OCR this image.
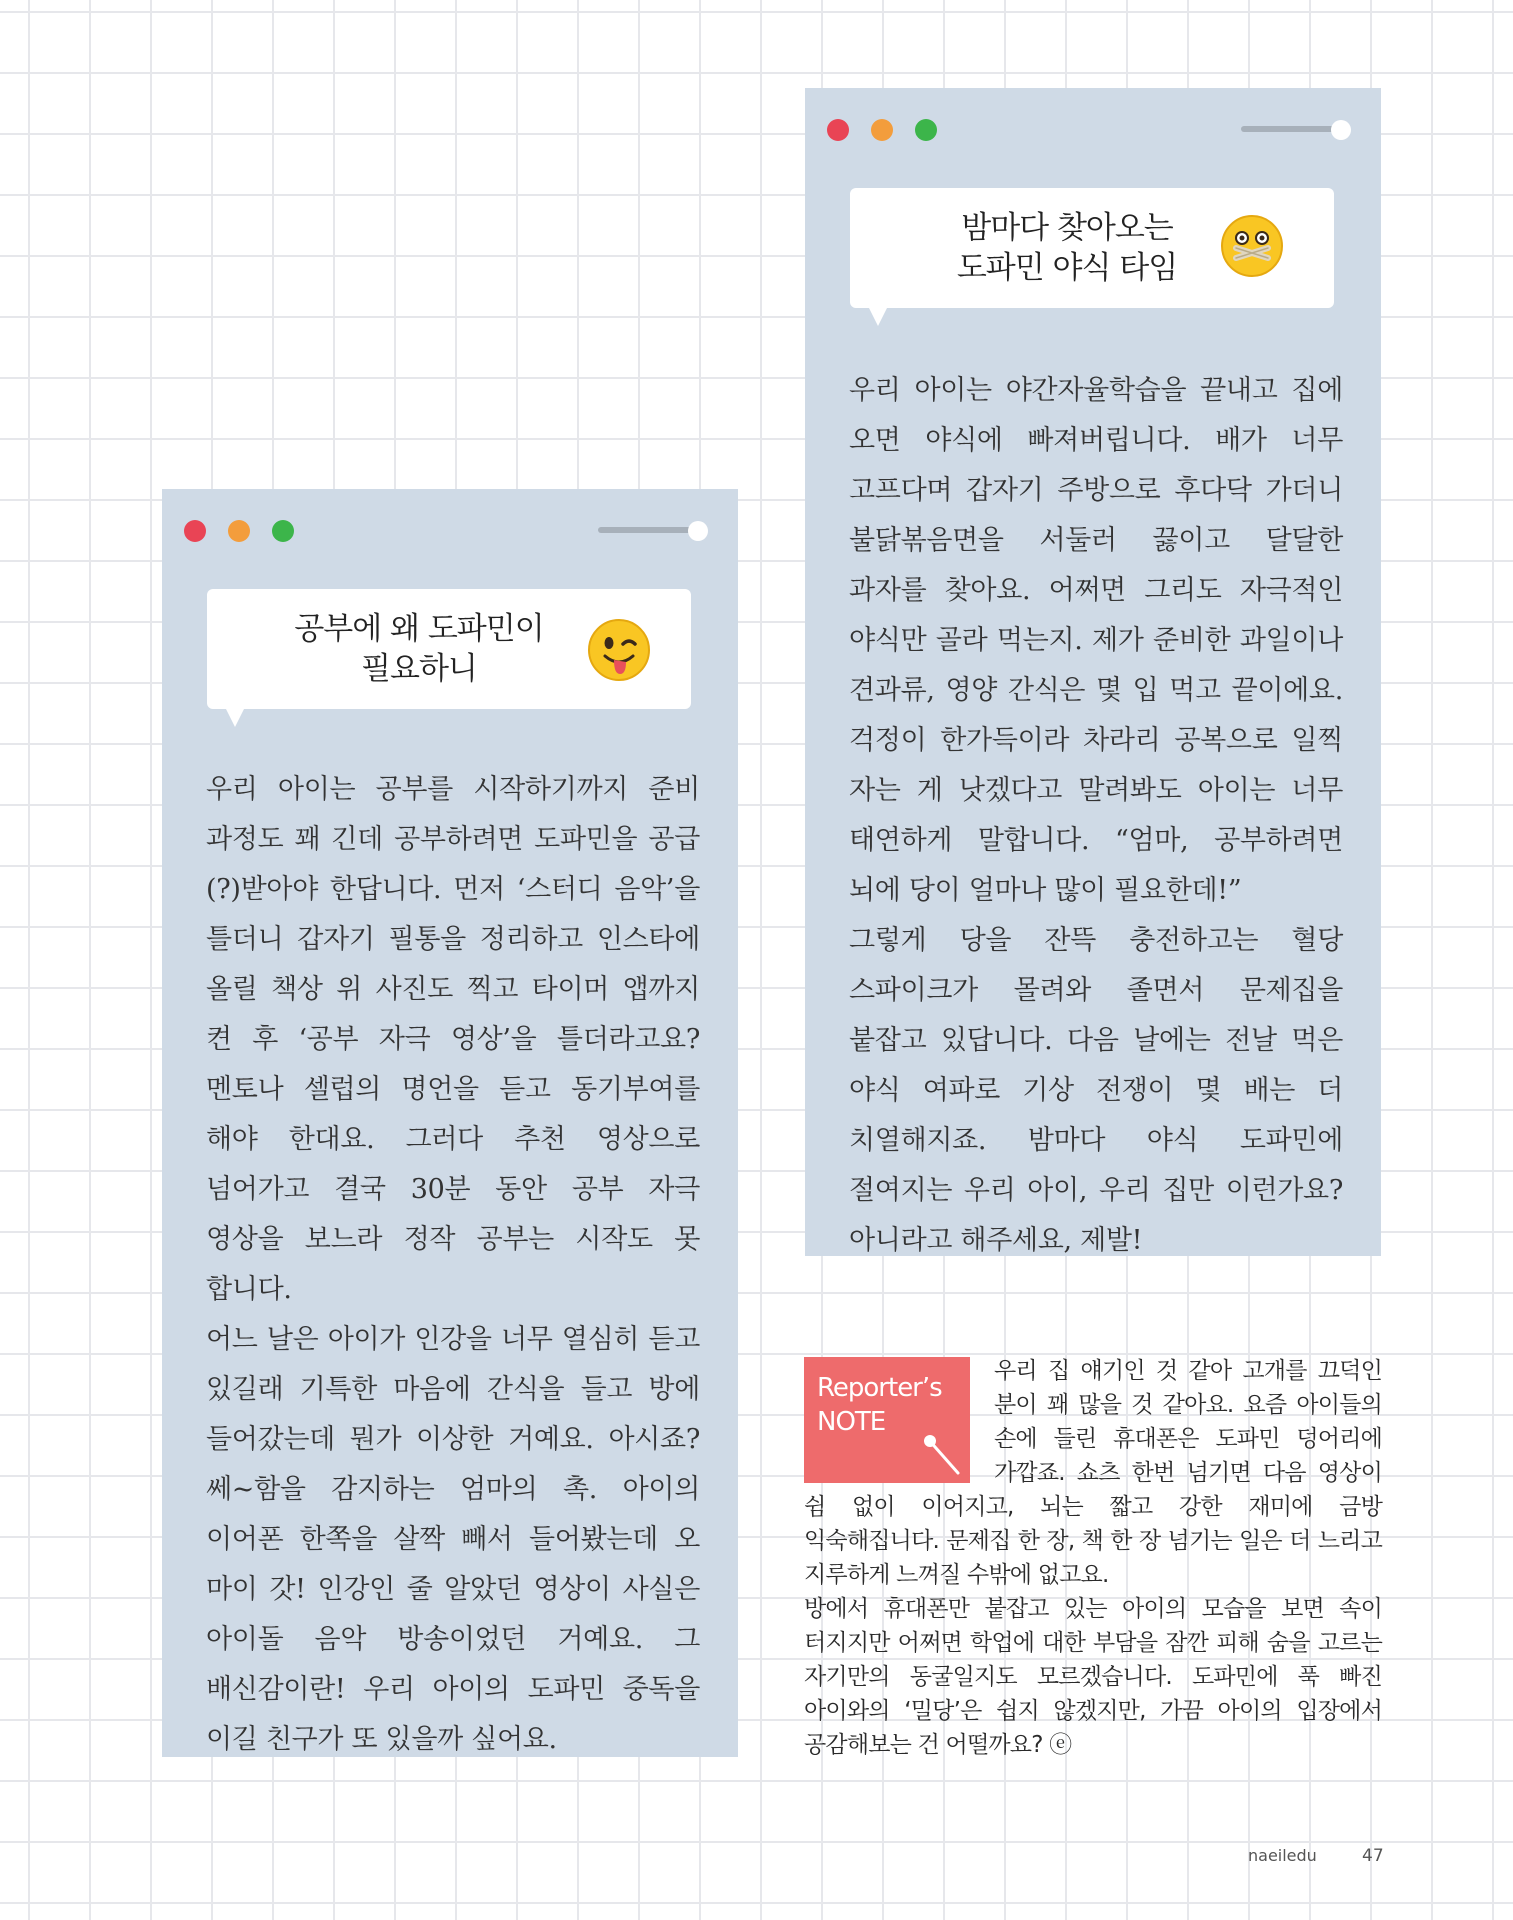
공부에 왜 도파민이
필요하니

우리 아이는 공부를 시작하기까지 준비 과정도 꽤 긴데 공부하려면 도파민을 공급(?)받아야 한답니다. 먼저 ‘스터디 음악’을 틀더니 갑자기 필통을 정리하고 인스타에 올릴 책상 위 사진도 찍고 타이머 앱까지 켠 후 ‘공부 자극 영상’을 틀더라고요? 멘토나 셀럽의 명언을 듣고 동기부여를 해야 한대요. 그러다 추천 영상으로 넘어가고 결국 30분 동안 공부 자극 영상을 보느라 정작 공부는 시작도 못 합니다.

어느 날은 아이가 인강을 너무 열심히 듣고 있길래 기특한 마음에 간식을 들고 방에 들어갔는데 뭔가 이상한 거예요. 아시죠? 쎄~함을 감지하는 엄마의 촉. 아이의 이어폰 한쪽을 살짝 빼서 들어봤는데 오 마이 갓! 인강인 줄 알았던 영상이 사실은 아이돌 음악 방송이었던 거예요. 그 배신감이란! 우리 아이의 도파민 중독을 이길 친구가 또 있을까 싶어요.

밤마다 찾아오는
도파민 야식 타임

우리 아이는 야간자율학습을 끝내고 집에 오면 야식에 빠져버립니다. 배가 너무 고프다며 갑자기 주방으로 후다닥 가더니 불닭볶음면을 서둘러 끓이고 달달한 과자를 찾아요. 어쩌면 그리도 자극적인 야식만 골라 먹는지. 제가 준비한 과일이나 견과류, 영양 간식은 몇 입 먹고 끝이에요. 걱정이 한가득이라 차라리 공복으로 일찍 자는 게 낫겠다고 말려봐도 아이는 너무 태연하게 말합니다. “엄마, 공부하려면 뇌에 당이 얼마나 많이 필요한데!”

그렇게 당을 잔뜩 충전하고는 혈당 스파이크가 몰려와 졸면서 문제집을 붙잡고 있답니다. 다음 날에는 전날 먹은 야식 여파로 기상 전쟁이 몇 배는 더 치열해지죠. 밤마다 야식 도파민에 절여지는 우리 아이, 우리 집만 이런가요? 아니라고 해주세요, 제발!

Reporter’s
NOTE

우리 집 얘기인 것 같아 고개를 끄덕인 분이 꽤 많을 것 같아요. 요즘 아이들의 손에 들린 휴대폰은 도파민 덩어리에 가깝죠. 쇼츠 한번 넘기면 다음 영상이 쉼 없이 이어지고, 뇌는 짧고 강한 재미에 금방 익숙해집니다. 문제집 한 장, 책 한 장 넘기는 일은 더 느리고 지루하게 느껴질 수밖에 없고요.

방에서 휴대폰만 붙잡고 있는 아이의 모습을 보면 속이 터지지만 어쩌면 학업에 대한 부담을 잠깐 피해 숨을 고르는 자기만의 동굴일지도 모르겠습니다. 도파민에 푹 빠진 아이와의 ‘밀당’은 쉽지 않겠지만, 가끔 아이의 입장에서 공감해보는 건 어떨까요? ⓔ

naeiledu	47
